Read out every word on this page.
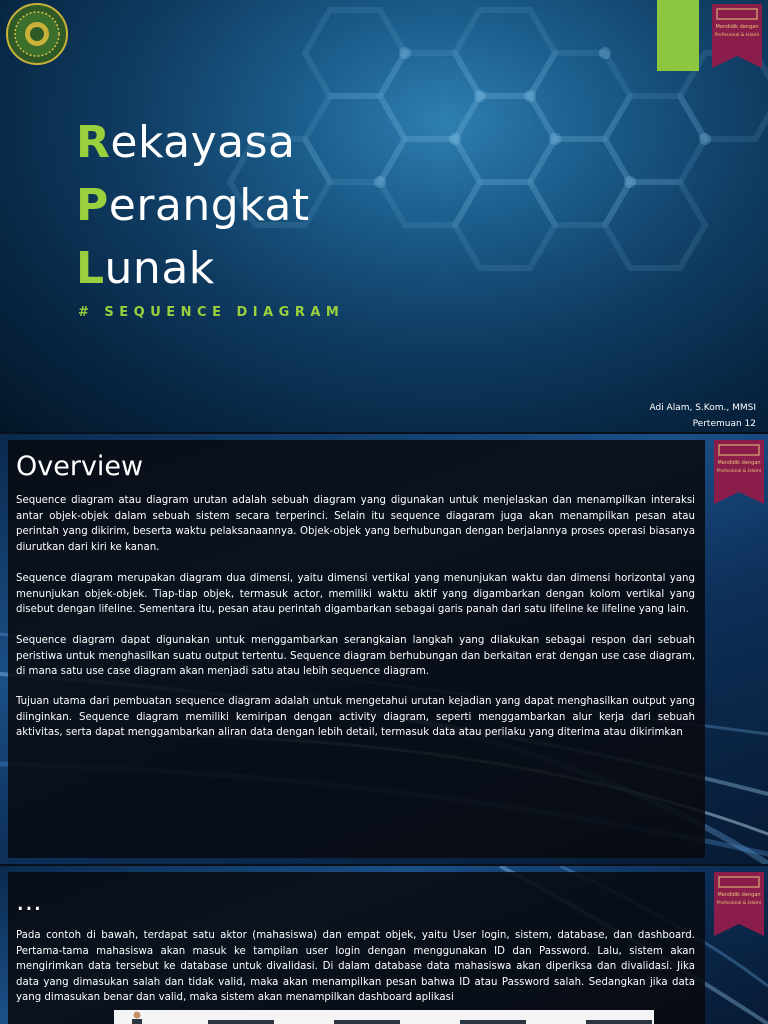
Mendidik dengan
Profesional & Islami
Rekayasa
Perangkat
Lunak
# SEQUENCE DIAGRAM
Adi Alam, S.Kom., MMSI
Pertemuan 12
Overview

Sequence diagram atau diagram urutan adalah sebuah diagram yang digunakan untuk menjelaskan dan menampilkan interaksi antar objek-objek dalam sebuah sistem secara terperinci. Selain itu sequence diagaram juga akan menampilkan pesan atau perintah yang dikirim, beserta waktu pelaksanaannya. Objek-objek yang berhubungan dengan berjalannya proses operasi biasanya diurutkan dari kiri ke kanan.

Sequence diagram merupakan diagram dua dimensi, yaitu dimensi vertikal yang menunjukan waktu dan dimensi horizontal yang menunjukan objek-objek. Tiap-tiap objek, termasuk actor, memiliki waktu aktif yang digambarkan dengan kolom vertikal yang disebut dengan lifeline. Sementara itu, pesan atau perintah digambarkan sebagai garis panah dari satu lifeline ke lifeline yang lain.

Sequence diagram dapat digunakan untuk menggambarkan serangkaian langkah yang dilakukan sebagai respon dari sebuah peristiwa untuk menghasilkan suatu output tertentu. Sequence diagram berhubungan dan berkaitan erat dengan use case diagram, di mana satu use case diagram akan menjadi satu atau lebih sequence diagram.

Tujuan utama dari pembuatan sequence diagram adalah untuk mengetahui urutan kejadian yang dapat menghasilkan output yang diinginkan. Sequence diagram memiliki kemiripan dengan activity diagram, seperti menggambarkan alur kerja dari sebuah aktivitas, serta dapat menggambarkan aliran data dengan lebih detail, termasuk data atau perilaku yang diterima atau dikirimkan

Mendidik dengan
Profesional & Islami
...

Pada contoh di bawah, terdapat satu aktor (mahasiswa) dan empat objek, yaitu User login, sistem, database, dan dashboard. Pertama-tama mahasiswa akan masuk ke tampilan user login dengan menggunakan ID dan Password. Lalu, sistem akan mengirimkan data tersebut ke database untuk divalidasi. Di dalam database data mahasiswa akan diperiksa dan divalidasi. Jika data yang dimasukan salah dan tidak valid, maka akan menampilkan pesan bahwa ID atau Password salah. Sedangkan jika data yang dimasukan benar dan valid, maka sistem akan menampilkan dashboard aplikasi

Mendidik dengan
Profesional & Islami
